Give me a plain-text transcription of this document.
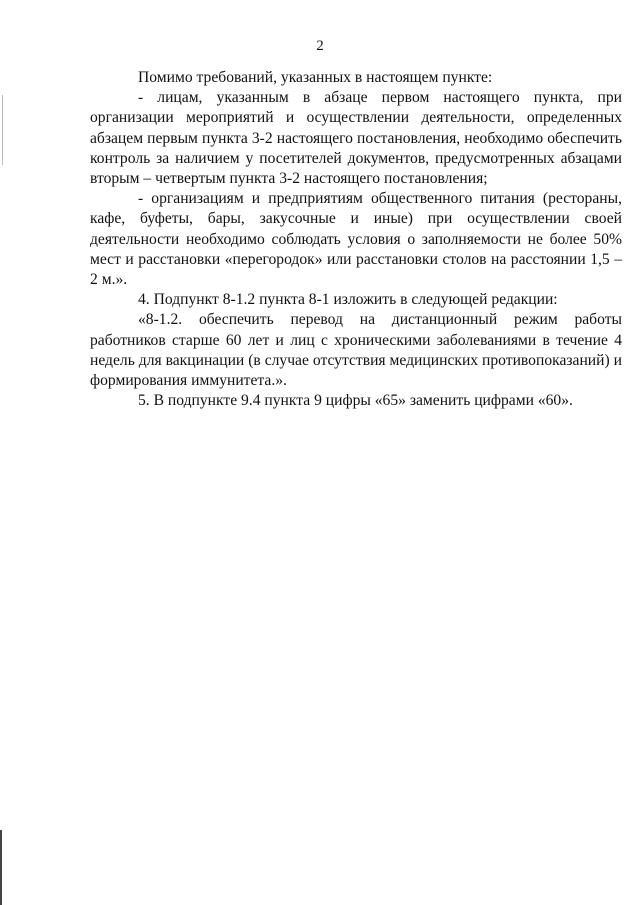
2

Помимо требований, указанных в настоящем пункте:

- лицам, указанным в абзаце первом настоящего пункта, при организации мероприятий и осуществлении деятельности, определенных абзацем первым пункта 3-2 настоящего постановления, необходимо обеспечить контроль за наличием у посетителей документов, предусмотренных абзацами вторым – четвертым пункта 3-2 настоящего постановления;

- организациям и предприятиям общественного питания (рестораны, кафе, буфеты, бары, закусочные и иные) при осуществлении своей деятельности необходимо соблюдать условия о заполняемости не более 50% мест и расстановки «перегородок» или расстановки столов на расстоянии 1,5 – 2 м.».

4. Подпункт 8-1.2 пункта 8-1 изложить в следующей редакции:

«8-1.2. обеспечить перевод на дистанционный режим работы работников старше 60 лет и лиц с хроническими заболеваниями в течение 4 недель для вакцинации (в случае отсутствия медицинских противопоказаний) и формирования иммунитета.».

5. В подпункте 9.4 пункта 9 цифры «65» заменить цифрами «60».
